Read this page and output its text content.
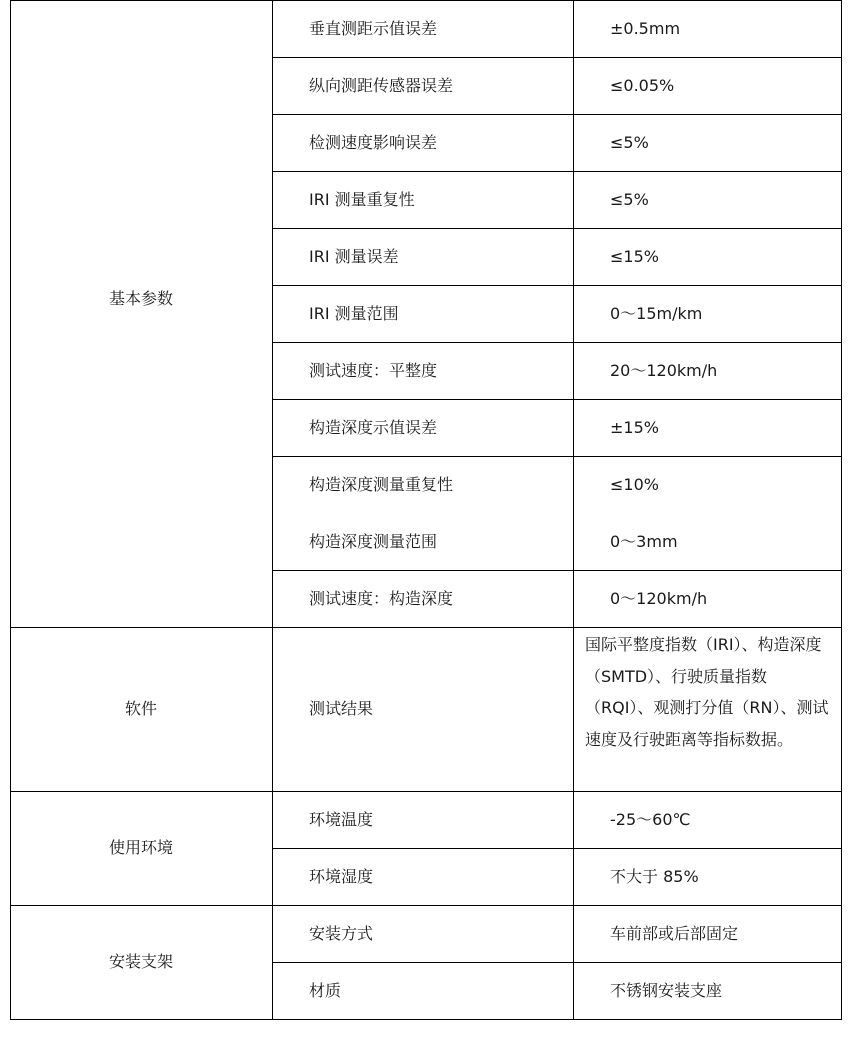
基本参数
软件
使用环境
安装支架
垂直测距示值误差
纵向测距传感器误差
检测速度影响误差
IRI 测量重复性
IRI 测量误差
IRI 测量范围
测试速度：平整度
构造深度示值误差
构造深度测量重复性
构造深度测量范围
测试速度：构造深度
测试结果
环境温度
环境湿度
安装方式
材质
±0.5mm
≤0.05%
≤5%
≤5%
≤15%
0～15m/km
20～120km/h
±15%
≤10%
0～3mm
0～120km/h
国际平整度指数（IRI）、构造深度（SMTD）、行驶质量指数（RQI）、观测打分值（RN）、测试速度及行驶距离等指标数据。
-25～60℃
不大于 85%
车前部或后部固定
不锈钢安装支座
